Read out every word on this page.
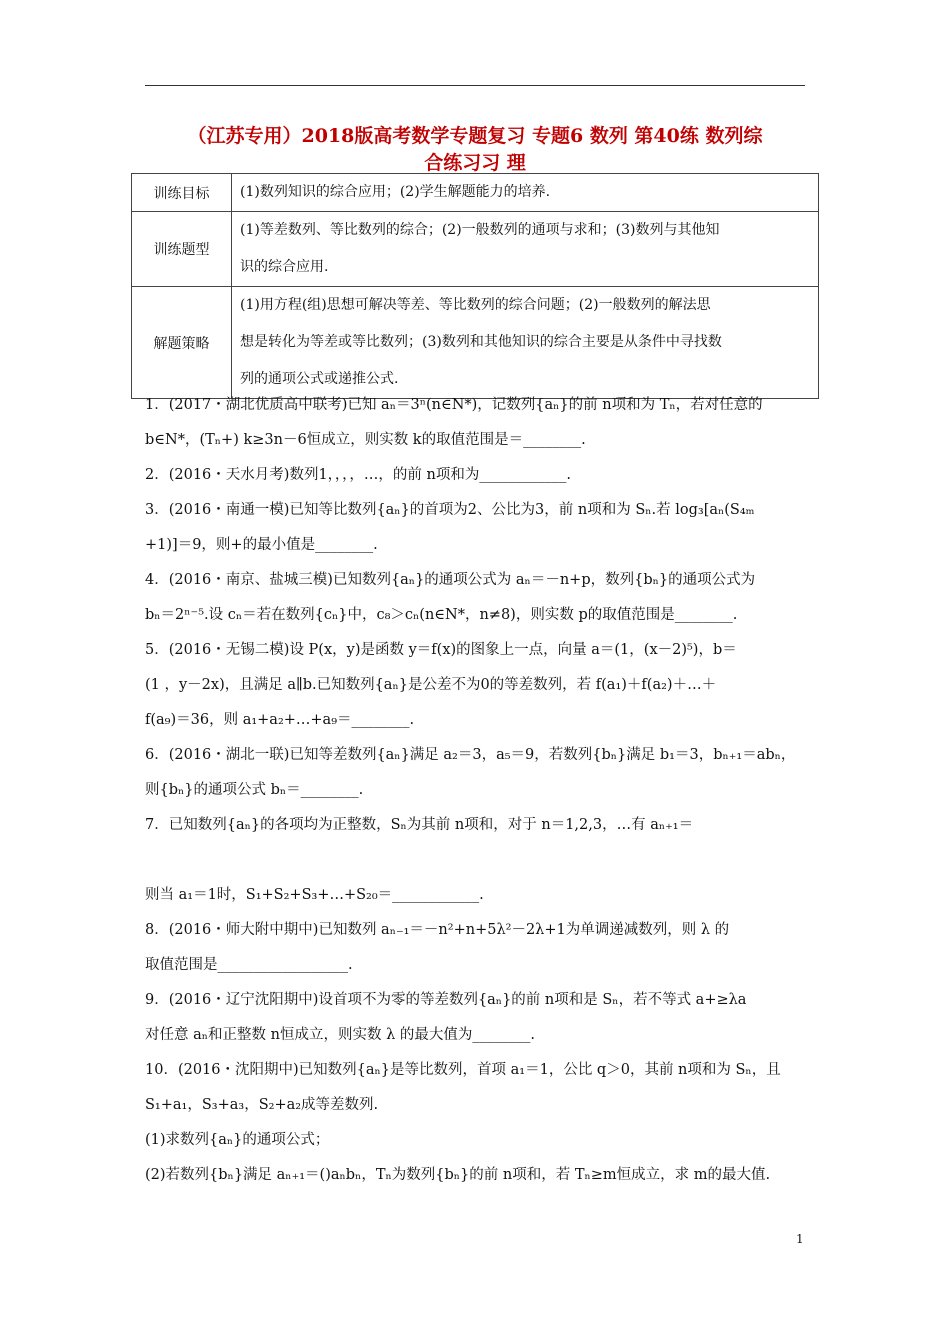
（江苏专用）2018版高考数学专题复习 专题6 数列 第40练 数列综
合练习习 理
训练目标	(1)数列知识的综合应用；(2)学生解题能力的培养.

训练题型	(1)等差数列、等比数列的综合；(2)一般数列的通项与求和；(3)数列与其他知
识的综合应用.

解题策略	(1)用方程(组)思想可解决等差、等比数列的综合问题；(2)一般数列的解法思
想是转化为等差或等比数列；(3)数列和其他知识的综合主要是从条件中寻找数
列的通项公式或递推公式.

1．(2017・湖北优质高中联考)已知 aₙ＝3ⁿ(n∈N*)，记数列{aₙ}的前 n项和为 Tₙ，若对任意的

b∈N*，(Tₙ+) k≥3n－6恒成立，则实数 k的取值范围是＝________.

2．(2016・天水月考)数列1，，，，…，的前 n项和为____________.

3．(2016・南通一模)已知等比数列{aₙ}的首项为2、公比为3，前 n项和为 Sₙ.若 log₃[aₙ(S₄ₘ

+1)]＝9，则+的最小值是________.

4．(2016・南京、盐城三模)已知数列{aₙ}的通项公式为 aₙ＝－n+p，数列{bₙ}的通项公式为

bₙ＝2ⁿ⁻⁵.设 cₙ＝若在数列{cₙ}中，c₈＞cₙ(n∈N*，n≠8)，则实数 p的取值范围是________.

5．(2016・无锡二模)设 P(x，y)是函数 y＝f(x)的图象上一点，向量 a＝(1，(x－2)⁵)，b＝

(1 ，y－2x)，且满足 a∥b.已知数列{aₙ}是公差不为0的等差数列，若 f(a₁)＋f(a₂)＋…＋

f(a₉)＝36，则 a₁+a₂+…+a₉＝________.

6．(2016・湖北一联)已知等差数列{aₙ}满足 a₂＝3，a₅＝9，若数列{bₙ}满足 b₁＝3，bₙ₊₁＝abₙ，

则{bₙ}的通项公式 bₙ＝________.

7．已知数列{aₙ}的各项均为正整数，Sₙ为其前 n项和，对于 n＝1,2,3，…有 aₙ₊₁＝

则当 a₁＝1时，S₁+S₂+S₃+…+S₂₀＝____________.

8．(2016・师大附中期中)已知数列 aₙ₋₁＝－n²+n+5λ²－2λ+1为单调递减数列，则 λ 的

取值范围是__________________.

9．(2016・辽宁沈阳期中)设首项不为零的等差数列{aₙ}的前 n项和是 Sₙ，若不等式 a+≥λa

对任意 aₙ和正整数 n恒成立，则实数 λ 的最大值为________.

10．(2016・沈阳期中)已知数列{aₙ}是等比数列，首项 a₁＝1，公比 q＞0，其前 n项和为 Sₙ，且

S₁+a₁，S₃+a₃，S₂+a₂成等差数列.

(1)求数列{aₙ}的通项公式；

(2)若数列{bₙ}满足 aₙ₊₁＝()aₙbₙ，Tₙ为数列{bₙ}的前 n项和，若 Tₙ≥m恒成立，求 m的最大值.

1
